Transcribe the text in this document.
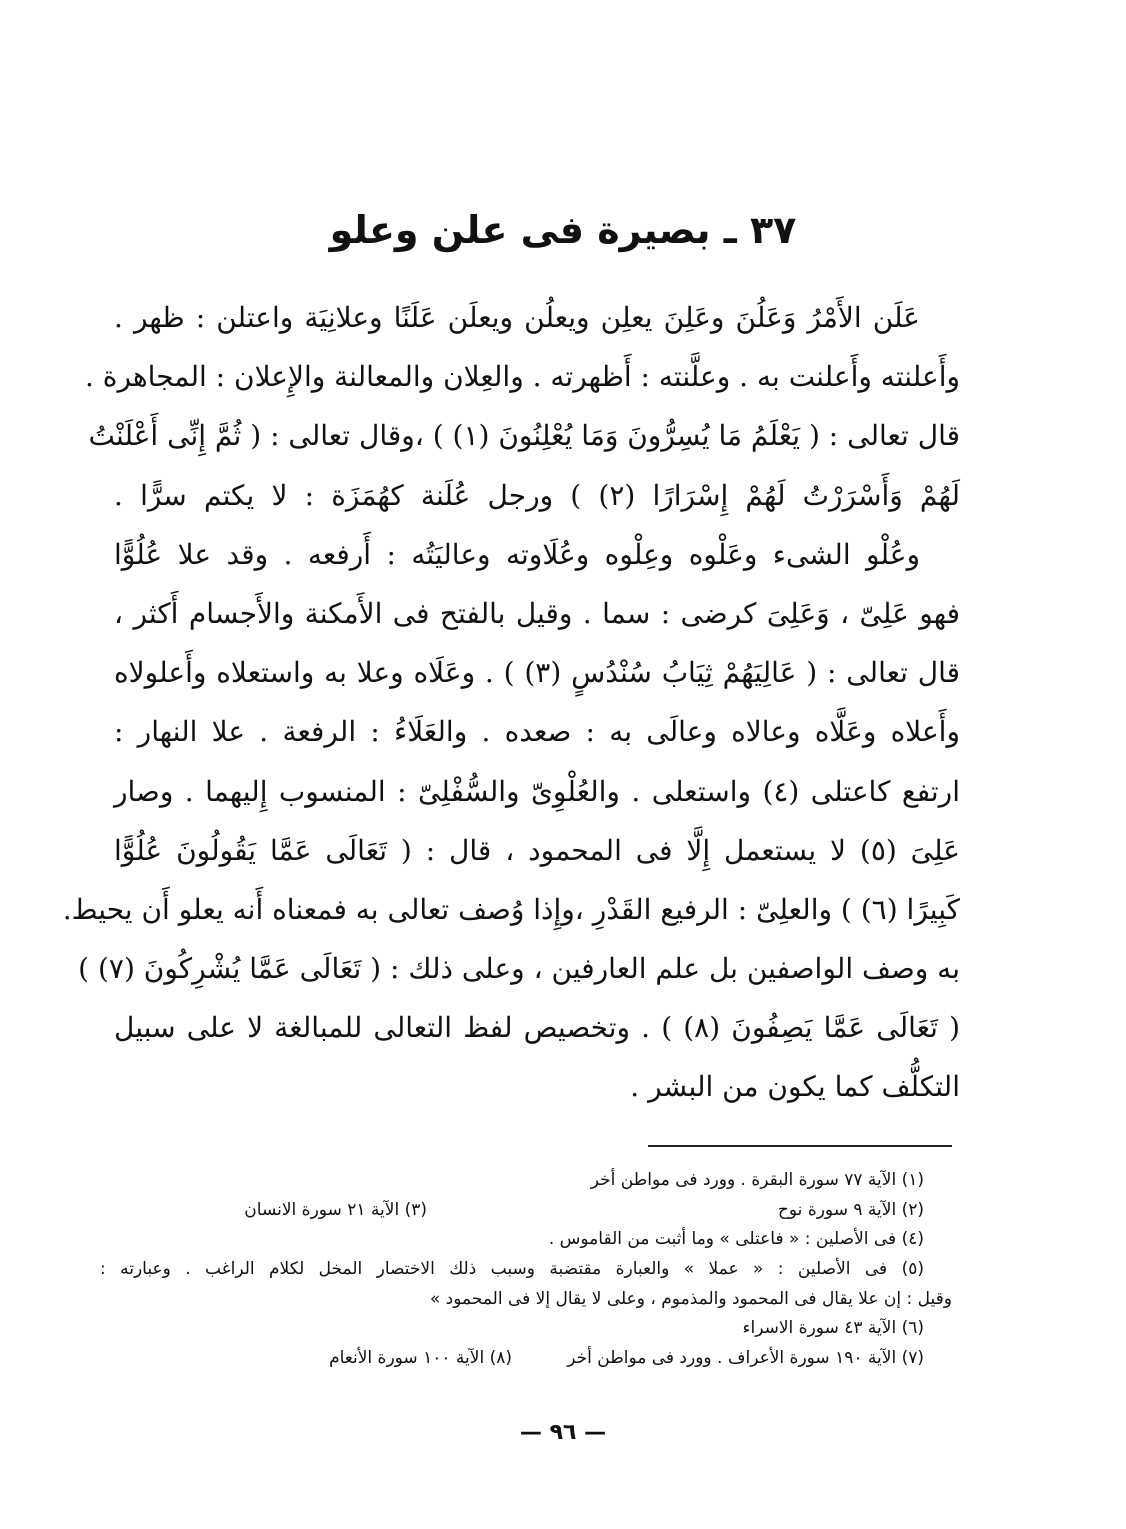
٣٧ ـ بصيرة فى علن وعلو
عَلَن الأَمْرُ وَعَلُنَ وعَلِنَ يعلِن ويعلُن ويعلَن عَلَنًا وعلانِيَة واعتلن : ظهر .
وأَعلنته وأَعلنت به . وعلَّنته : أَظهرته . والعِلان والمعالنة والإِعلان : المجاهرة .
قال تعالى : ( يَعْلَمُ مَا يُسِرُّونَ وَمَا يُعْلِنُونَ (١) ) ،وقال تعالى : ( ثُمَّ إِنِّى أَعْلَنْتُ
لَهُمْ وَأَسْرَرْتُ لَهُمْ إِسْرَارًا (٢) ) ورجل عُلَنة كهُمَزَة : لا يكتم سرًّا .
وعُلْو الشىء وعَلْوه وعِلْوه وعُلَاوته وعاليَتُه : أَرفعه . وقد علا عُلُوًّا
فهو عَلِىّ ، وَعَلِىَ كرضى : سما . وقيل بالفتح فى الأَمكنة والأَجسام أَكثر ،
قال تعالى : ( عَالِيَهُمْ ثِيَابُ سُنْدُسٍ (٣) ) . وعَلَاه وعلا به واستعلاه وأَعلولاه
وأَعلاه وعَلَّاه وعالاه وعالَى به : صعده . والعَلَاءُ : الرفعة . علا النهار :
ارتفع كاعتلى (٤) واستعلى . والعُلْوِىّ والسُّفْلِىّ : المنسوب إِليهما . وصار
عَلِىَ (٥) لا يستعمل إِلَّا فى المحمود ، قال : ( تَعَالَى عَمَّا يَقُولُونَ عُلُوًّا
كَبِيرًا (٦) ) والعلِىّ : الرفيع القَدْرِ ،وإِذا وُصف تعالى به فمعناه أَنه يعلو أَن يحيط.
به وصف الواصفين بل علم العارفين ، وعلى ذلك : ( تَعَالَى عَمَّا يُشْرِكُونَ (٧) )
( تَعَالَى عَمَّا يَصِفُونَ (٨) ) . وتخصيص لفظ التعالى للمبالغة لا على سبيل
التكلُّف كما يكون من البشر .
(١) الآية ٧٧ سورة البقرة . وورد فى مواطن أخر
(٢) الآية ٩ سورة نوح
(٣) الآية ٢١ سورة الانسان
(٤) فى الأصلين : « فاعتلى » وما أثبت من القاموس .
(٥) فى الأصلين : « عملا » والعبارة مقتضبة وسبب ذلك الاختصار المخل لكلام الراغب . وعبارته :
وقيل : إن علا يقال فى المحمود والمذموم ، وعلى لا يقال إلا فى المحمود »
(٦) الآية ٤٣ سورة الاسراء
(٧) الآية ١٩٠ سورة الأعراف . وورد فى مواطن أخر
(٨) الآية ١٠٠ سورة الأنعام
— ٩٦ —
